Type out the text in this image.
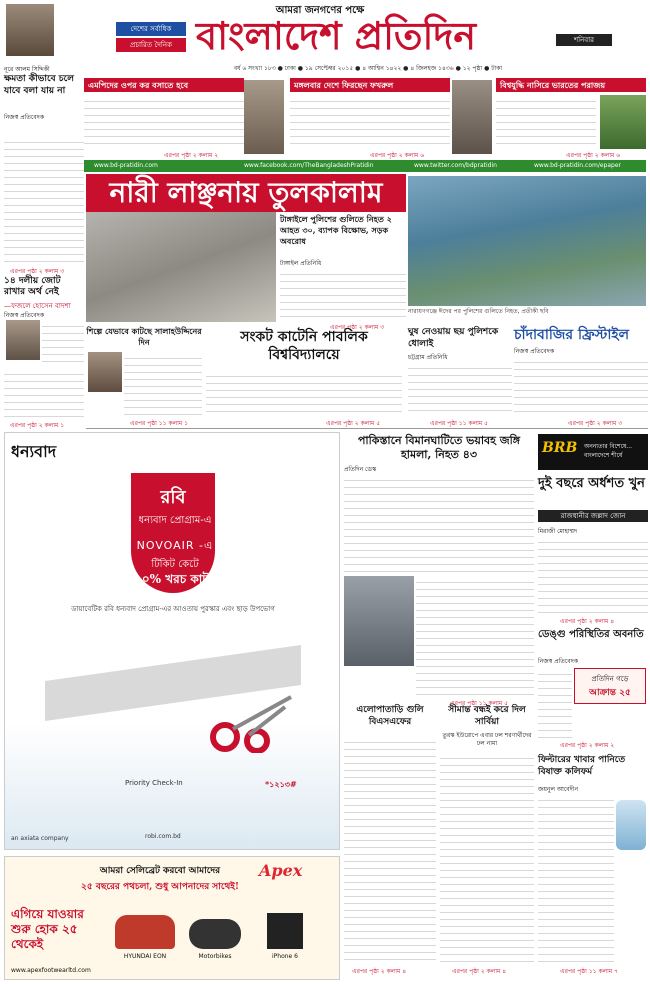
আমরা জনগণের পক্ষে
দেশের সর্বাধিক
প্রচারিত দৈনিক বাংলাদেশ প্রতিদিন	শনিবার
নূরে আলম সিদ্দিকী
ক্ষমতা কীভাবে চলে যাবে বলা যায় না
নিজস্ব প্রতিবেদক
বর্ষ ৬ সংখ্যা ১৮৩ ● ঢাকা ● ১৯ সেপ্টেম্বর ২০১৫ ● ৪ আশ্বিন ১৪২২ ● ৪ জিলহজ ১৪৩৬ ● ১২ পৃষ্ঠা ● টাকা
এমপিদের ওপর কর বসাতে হবে
এরপর পৃষ্ঠা ২ কলাম ২
মঙ্গলবার দেশে ফিরছেন ফখরুল
এরপর পৃষ্ঠা ২ কলাম ৬
বিশ্বযুদ্ধি নাসিরে ভারতের পরাজয়
এরপর পৃষ্ঠা ২ কলাম ৬
www.bd-pratidin.com	www.facebook.com/TheBangladeshPratidin	www.twitter.com/bdpratidin	www.bd-pratidin.com/epaper
এরপর পৃষ্ঠা ২ কলাম ৩
১৪ দলীয় জোট রাখার অর্থ নেই
—ফজলে হোসেন বাদশা
নিজস্ব প্রতিবেদক
এরপর পৃষ্ঠা ২ কলাম ১
নারী লাঞ্ছনায় তুলকালাম
টাঙ্গাইলে পুলিশের গুলিতে নিহত ২ আহত ৩০, ব্যাপক বিক্ষোভ, সড়ক অবরোধ
টাঙ্গাইল প্রতিনিধি
নারায়ণগঞ্জে ঈদের পর পুলিশের গুলিতে নিহত, প্রতীকী ছবি
এরপর পৃষ্ঠা ২ কলাম ৩
শিল্পে যেভাবে কাটছে সালাহউদ্দিনের দিন
এরপর পৃষ্ঠা ১১ কলাম ১
সংকট কাটেনি পাবলিক বিশ্ববিদ্যালয়ে
এরপর পৃষ্ঠা ২ কলাম ৫
ঘুষ নেওয়ায় ছয় পুলিশকে ধোলাই
চট্টগ্রাম প্রতিনিধি
এরপর পৃষ্ঠা ১১ কলাম ৫
চাঁদাবাজির ফ্রিস্টাইল
নিজস্ব প্রতিবেদক
এরপর পৃষ্ঠা ২ কলাম ৩
ধন্যবাদ
রবি
ধন্যবাদ প্রোগ্রাম-এ
NOVOAIR -এ
টিকিট কেটে
১০% খরচ কাটুন
ডায়াবেটিক রবি ধন্যবাদ প্রোগ্রাম-এর আওতায় পুরস্কার এবং ছাড় উপভোগ
Priority Check-In	*১২১৩#
robi.com.bd
an axiata company
পাকিস্তানে বিমানঘাটিতে ভয়াবহ জঙ্গি হামলা, নিহত ৪৩
প্রতিদিন ডেস্ক
এরপর পৃষ্ঠা ১১ কলাম ৫
BRB	অনন্যতার বিশেষে... বাংলাদেশে শীর্ষে
দুই বছরে অর্ধশত খুন
রাজধানীর জল্লাদ জোন
মিরাজী মোহাম্মদ
এরপর পৃষ্ঠা ২ কলাম ৪
ডেঙ্গু পরিস্থিতির অবনতি
নিজস্ব প্রতিবেদক
প্রতিদিন গড়ে
আক্রান্ত ২৫
এরপর পৃষ্ঠা ২ কলাম ২
ফিল্টারের খাবার পানিতে বিষাক্ত কলিফর্ম
জয়নুল আবেদীন
এরপর পৃষ্ঠা ১১ কলাম ৭
এলোপাতাড়ি গুলি বিএসএফের
এরপর পৃষ্ঠা ২ কলাম ৪
সীমান্ত বন্ধই করে দিল সার্বিয়া
তুরস্ক ইউরোপে এবার ঢল শরণার্থীদের ঢল নামা
এরপর পৃষ্ঠা ২ কলাম ৪
Apex
আমরা সেলিব্রেট করবো আমাদের
২৫ বছরের পথচলা, শুধু আপনাদের সাথেই!
এগিয়ে যাওয়ার শুরু হোক ২৫ থেকেই
HYUNDAI EON	Motorbikes	iPhone 6
www.apexfootwearltd.com
